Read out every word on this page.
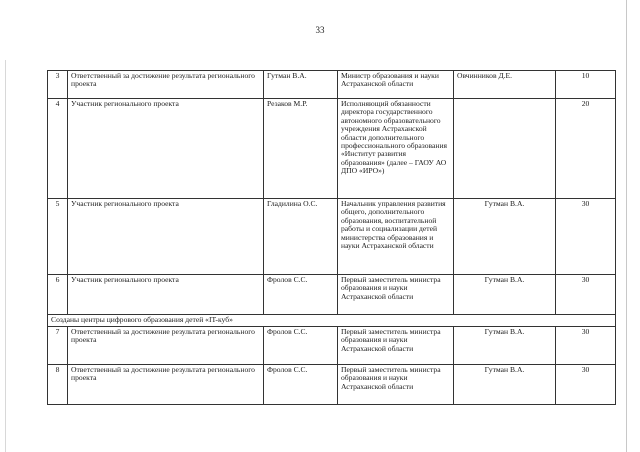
33
3	Ответственный за достижение результата регионального проекта	Гутман В.А.	Министр образования и науки Астраханской области	Овчинников Д.Е.	10
4	Участник регионального проекта	Резаков М.Р.	Исполняющий обязанности директора государственного автономного образовательного учреждения Астраханской области дополнительного профессионального образования «Институт развития образования» (далее – ГАОУ АО ДПО «ИРО»)		20
5	Участник регионального проекта	Гладилина О.С.	Начальник управления развития общего, дополнительного образования, воспитательной работы и социализации детей министерства образования и науки Астраханской области	Гутман В.А.	30
6	Участник регионального проекта	Фролов С.С.	Первый заместитель министра образования и науки Астраханской области	Гутман В.А.	30
Созданы центры цифрового образования детей «IT-куб»					
7	Ответственный за достижение результата регионального проекта	Фролов С.С.	Первый заместитель министра образования и науки Астраханской области	Гутман В.А.	30
8	Ответственный за достижение результата регионального проекта	Фролов С.С.	Первый заместитель министра образования и науки Астраханской области	Гутман В.А.	30
